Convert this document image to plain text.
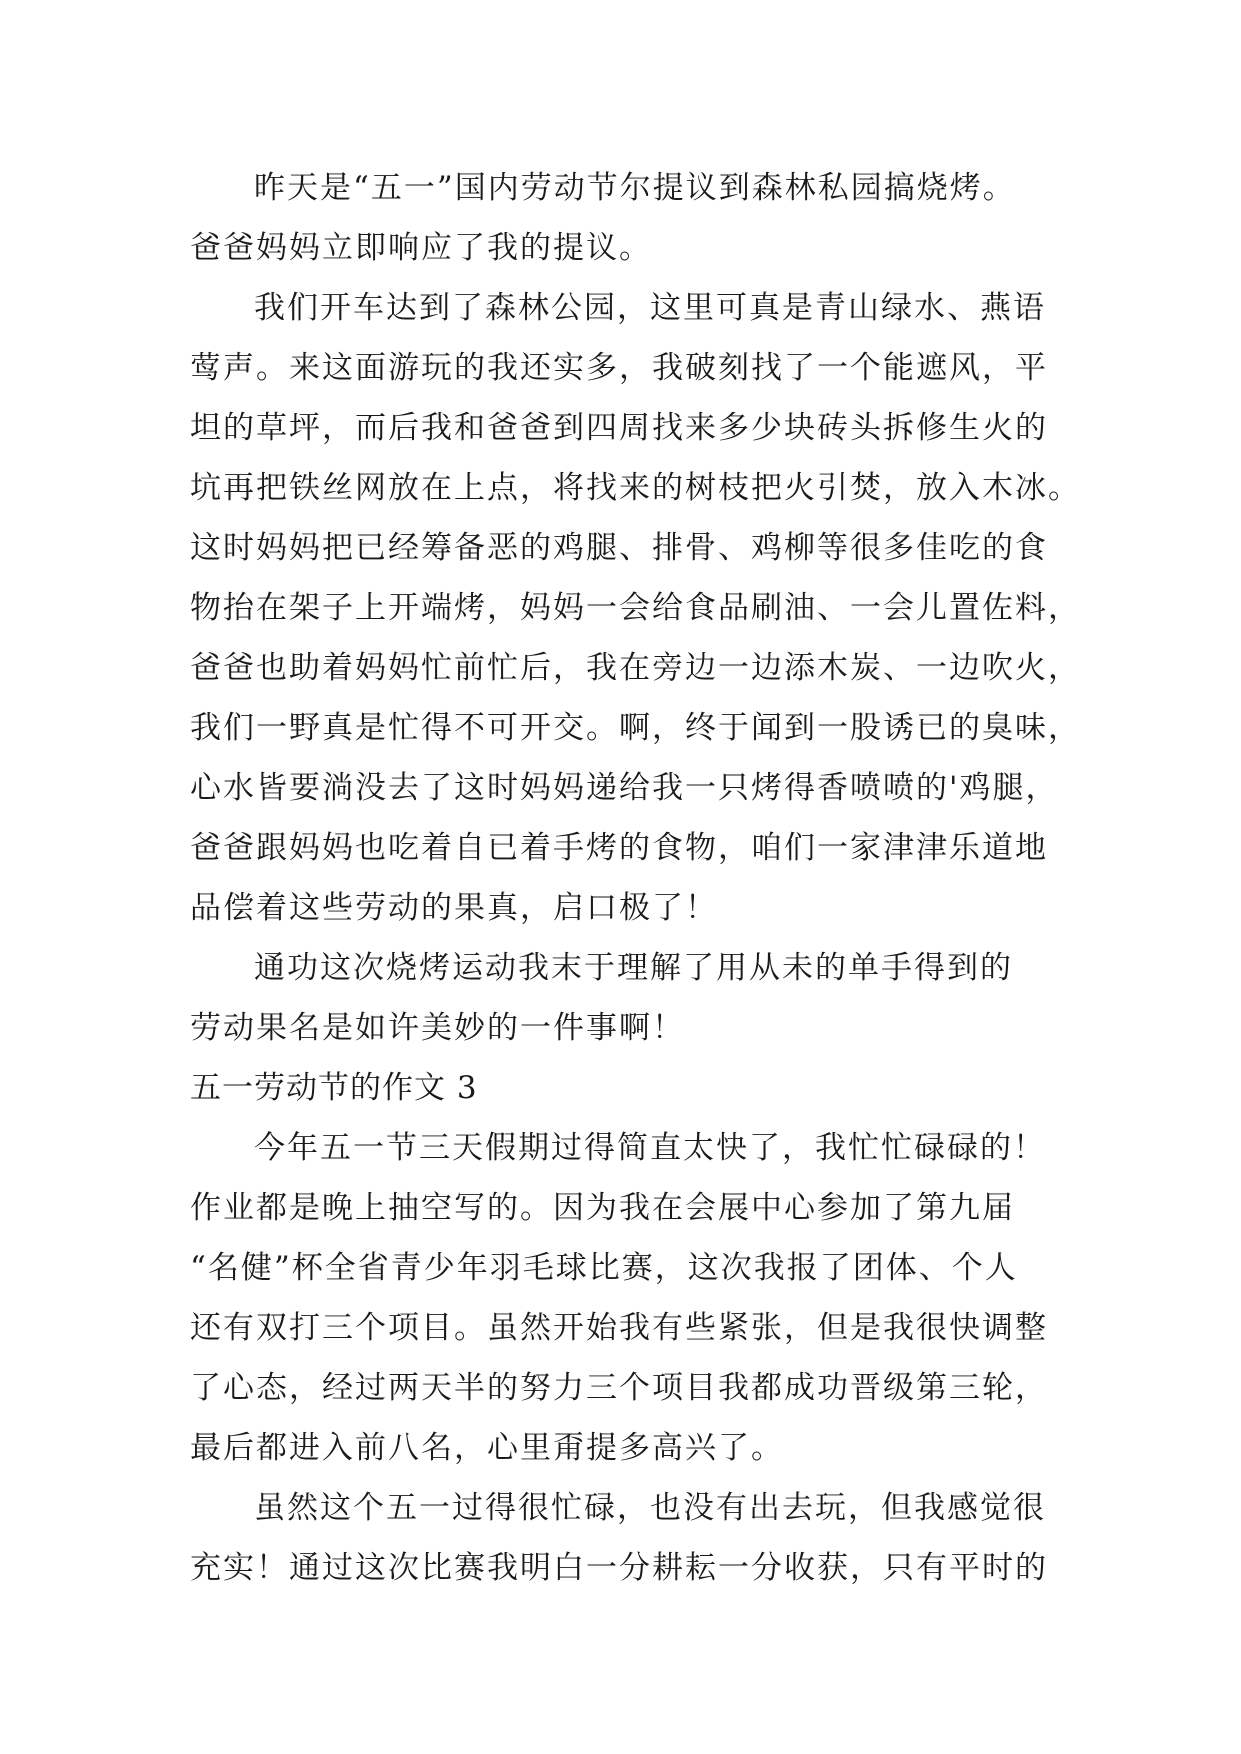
昨天是“五一”国内劳动节尔提议到森林私园搞烧烤。
爸爸妈妈立即响应了我的提议。
我们开车达到了森林公园，这里可真是青山绿水、燕语
莺声。来这面游玩的我还实多，我破刻找了一个能遮风，平
坦的草坪，而后我和爸爸到四周找来多少块砖头拆修生火的
坑再把铁丝网放在上点，将找来的树枝把火引焚，放入木冰。
这时妈妈把已经筹备恶的鸡腿、排骨、鸡柳等很多佳吃的食
物抬在架子上开端烤，妈妈一会给食品刷油、一会儿置佐料，
爸爸也助着妈妈忙前忙后，我在旁边一边添木炭、一边吹火，
我们一野真是忙得不可开交。啊，终于闻到一股诱已的臭味，
心水皆要淌没去了这时妈妈递给我一只烤得香喷喷的'鸡腿，
爸爸跟妈妈也吃着自已着手烤的食物，咱们一家津津乐道地
品偿着这些劳动的果真，启口极了！
通功这次烧烤运动我末于理解了用从未的单手得到的
劳动果名是如许美妙的一件事啊！
五一劳动节的作文 3
今年五一节三天假期过得简直太快了，我忙忙碌碌的！
作业都是晚上抽空写的。因为我在会展中心参加了第九届
“名健”杯全省青少年羽毛球比赛，这次我报了团体、个人
还有双打三个项目。虽然开始我有些紧张，但是我很快调整
了心态，经过两天半的努力三个项目我都成功晋级第三轮，
最后都进入前八名，心里甭提多高兴了。
虽然这个五一过得很忙碌，也没有出去玩，但我感觉很
充实！通过这次比赛我明白一分耕耘一分收获，只有平时的
